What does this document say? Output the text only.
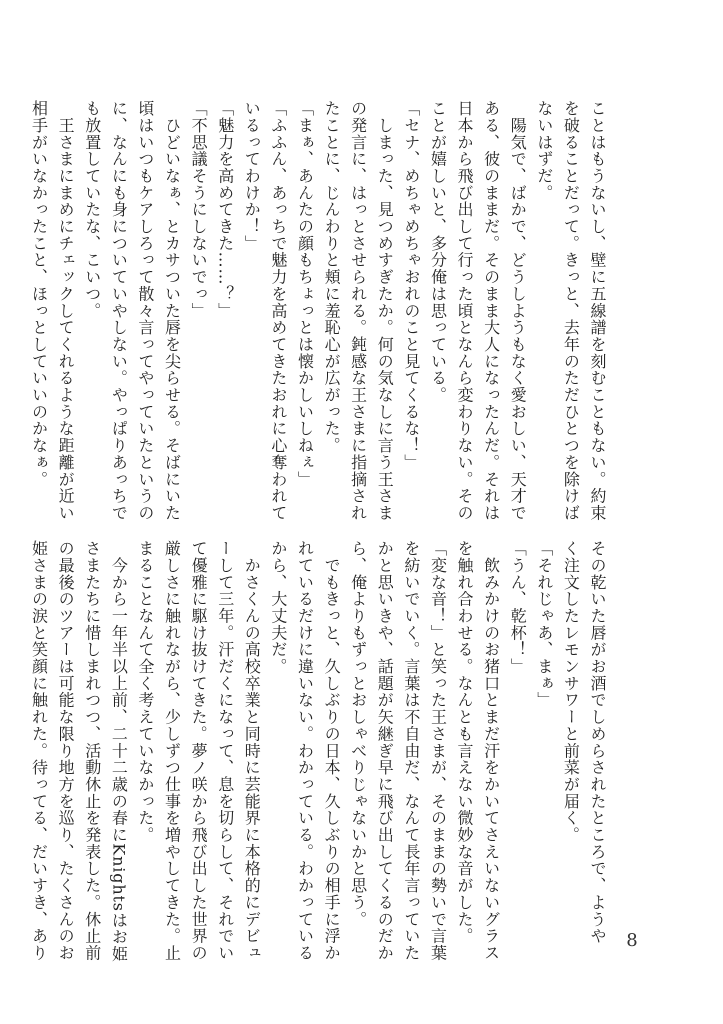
ことはもうないし、壁に五線譜を刻むこともない。約束

を破ることだって。きっと、去年のただひとつを除けば

ないはずだ。

　陽気で、ばかで、どうしようもなく愛おしい、天才で

ある、彼のままだ。そのまま大人になったんだ。それは

日本から飛び出して行った頃となんら変わりない。その

ことが嬉しいと、多分俺は思っている。

「セナ、めちゃめちゃおれのこと見てくるな！」

　しまった、見つめすぎたか。何の気なしに言う王さま

の発言に、はっとさせられる。鈍感な王さまに指摘され

たことに、じんわりと頬に羞恥心が広がった。

「まぁ、あんたの顔もちょっとは懐かしいしねぇ」

「ふふん、あっちで魅力を高めてきたおれに心奪われて

いるってわけか！」

「魅力を高めてきた……？」

「不思議そうにしないでっ」

　ひどいなぁ、とカサついた唇を尖らせる。そばにいた

頃はいつもケアしろって散々言ってやっていたというの

に、なんにも身についていやしない。やっぱりあっちで

も放置していたな、こいつ。

　王さまにまめにチェックしてくれるような距離が近い

相手がいなかったこと、ほっとしていいのかなぁ。

その乾いた唇がお酒でしめらされたところで、ようや

く注文したレモンサワーと前菜が届く。

「それじゃあ、まぁ」

「うん、乾杯！」

　飲みかけのお猪口とまだ汗をかいてさえいないグラス

を触れ合わせる。なんとも言えない微妙な音がした。

「変な音！」と笑った王さまが、そのままの勢いで言葉

を紡いでいく。言葉は不自由だ、なんて長年言っていた

かと思いきや、話題が矢継ぎ早に飛び出してくるのだか

ら、俺よりもずっとおしゃべりじゃないかと思う。

　でもきっと、久しぶりの日本、久しぶりの相手に浮か

れているだけに違いない。わかっている。わかっている

から、大丈夫だ。

　かさくんの高校卒業と同時に芸能界に本格的にデビュ

ーして三年。汗だくになって、息を切らして、それでい

て優雅に駆け抜けてきた。夢ノ咲から飛び出した世界の

厳しさに触れながら、少しずつ仕事を増やしてきた。止

まることなんて全く考えていなかった。

　今から一年半以上前、二十二歳の春にKnightsはお姫

さまたちに惜しまれつつ、活動休止を発表した。休止前

の最後のツアーは可能な限り地方を巡り、たくさんのお

姫さまの涙と笑顔に触れた。待ってる、だいすき、あり	8
